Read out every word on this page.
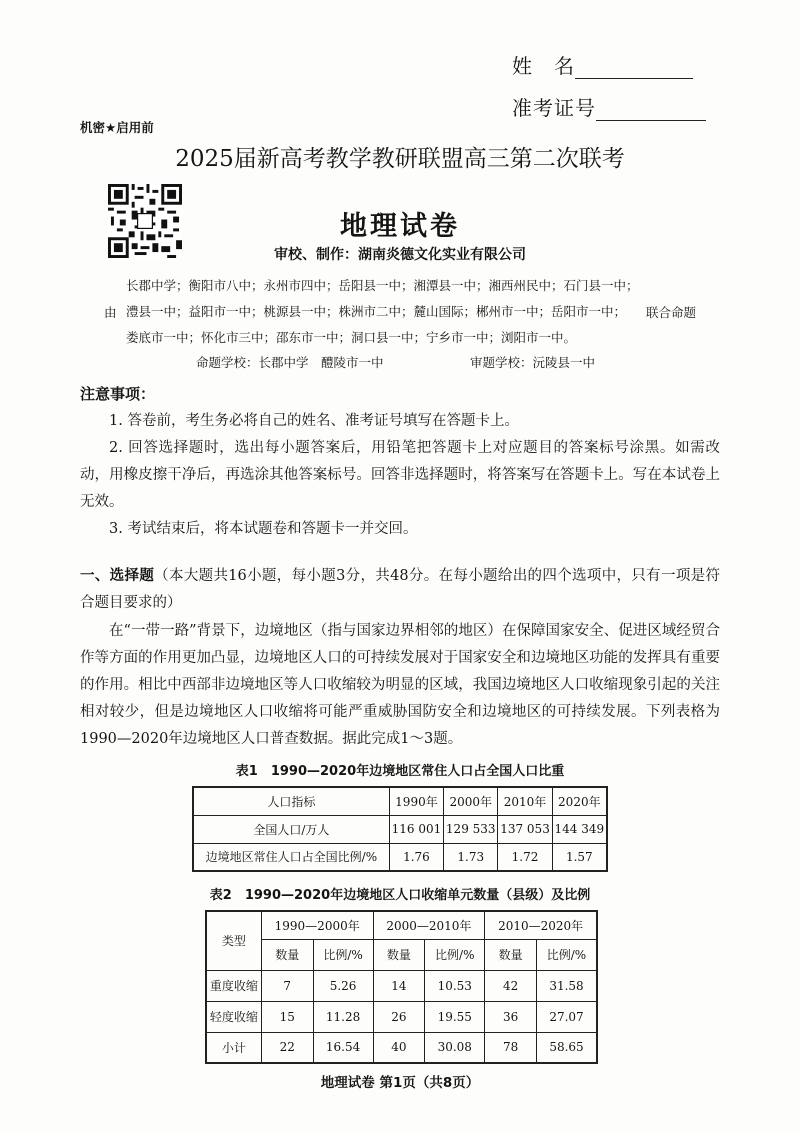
姓　名
准考证号
机密★启用前
2025届新高考教学教研联盟高三第二次联考
地理试卷
审校、制作：湖南炎德文化实业有限公司
由
长郡中学；衡阳市八中；永州市四中；岳阳县一中；湘潭县一中；湘西州民中；石门县一中；
澧县一中；益阳市一中；桃源县一中；株洲市二中；麓山国际；郴州市一中；岳阳市一中；
娄底市一中；怀化市三中；邵东市一中；洞口县一中；宁乡市一中；浏阳市一中。
联合命题
命题学校：长郡中学　醴陵市一中	审题学校：沅陵县一中
注意事项：
1. 答卷前，考生务必将自己的姓名、准考证号填写在答题卡上。
2. 回答选择题时，选出每小题答案后，用铅笔把答题卡上对应题目的答案标号涂黑。如需改动，用橡皮擦干净后，再选涂其他答案标号。回答非选择题时，将答案写在答题卡上。写在本试卷上无效。
3. 考试结束后，将本试题卷和答题卡一并交回。
一、选择题（本大题共16小题，每小题3分，共48分。在每小题给出的四个选项中，只有一项是符合题目要求的）
在“一带一路”背景下，边境地区（指与国家边界相邻的地区）在保障国家安全、促进区域经贸合作等方面的作用更加凸显，边境地区人口的可持续发展对于国家安全和边境地区功能的发挥具有重要的作用。相比中西部非边境地区等人口收缩较为明显的区域，我国边境地区人口收缩现象引起的关注相对较少，但是边境地区人口收缩将可能严重威胁国防安全和边境地区的可持续发展。下列表格为1990—2020年边境地区人口普查数据。据此完成1～3题。
表1　1990—2020年边境地区常住人口占全国人口比重
人口指标	1990年	2000年	2010年	2020年
全国人口/万人	116 001	129 533	137 053	144 349
边境地区常住人口占全国比例/%	1.76	1.73	1.72	1.57
表2　1990—2020年边境地区人口收缩单元数量（县级）及比例
类型	1990—2000年		2000—2010年		2010—2020年	
	数量	比例/%	数量	比例/%	数量	比例/%
重度收缩	7	5.26	14	10.53	42	31.58
轻度收缩	15	11.28	26	19.55	36	27.07
小计	22	16.54	40	30.08	78	58.65
地理试卷 第1页（共8页）
